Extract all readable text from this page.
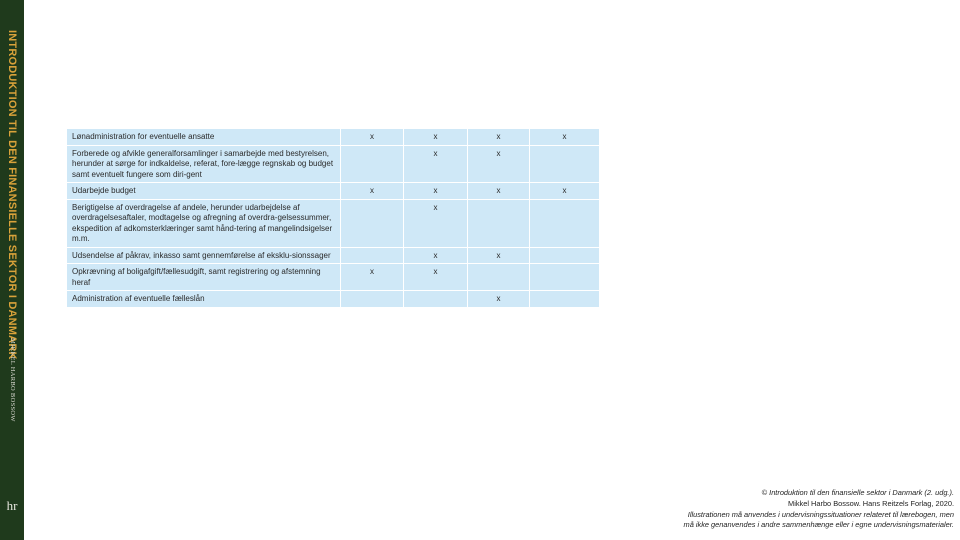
INTRODUKTION TIL DEN FINANSIELLE SEKTOR I DANMARK
MIKKEL HARBO BOSSOW
hr
Lønadministration for eventuelle ansatte	x	x	x	x
Forberede og afvikle generalforsamlinger i samarbejde med bestyrelsen, herunder at sørge for indkaldelse, referat, fore-lægge regnskab og budget samt eventuelt fungere som diri-gent		x	x	
Udarbejde budget	x	x	x	x
Berigtigelse af overdragelse af andele, herunder udarbejdelse af overdragelsesaftaler, modtagelse og afregning af overdra-gelsessummer, ekspedition af adkomsterklæringer samt hånd-tering af mangelindsigelser m.m.		x		
Udsendelse af påkrav, inkasso samt gennemførelse af eksklu-sionssager		x	x	
Opkrævning af boligafgift/fællesudgift, samt registrering og afstemning heraf	x	x		
Administration af eventuelle fælleslån			x	
© Introduktion til den finansielle sektor i Danmark (2. udg.).
Mikkel Harbo Bossow. Hans Reitzels Forlag, 2020.
Illustrationen må anvendes i undervisningssituationer relateret til lærebogen, men
må ikke genanvendes i andre sammenhænge eller i egne undervisningsmaterialer.
